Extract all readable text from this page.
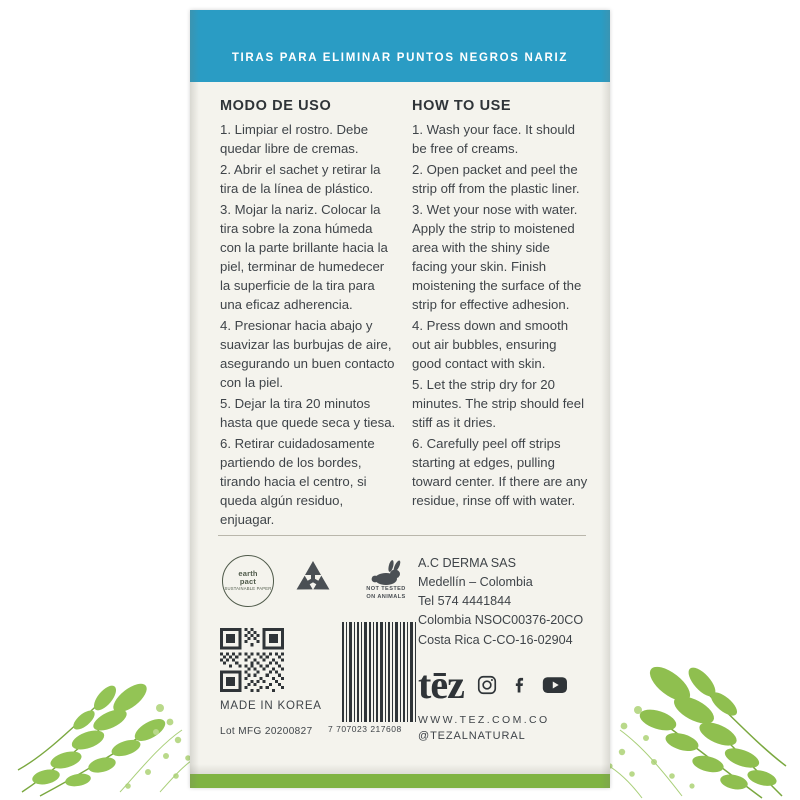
TIRAS PARA ELIMINAR PUNTOS NEGROS NARIZ
MODO DE USO

1. Limpiar el rostro. Debe quedar libre de cremas.

2. Abrir el sachet y retirar la tira de la línea de plástico.

3. Mojar la nariz. Colocar la tira sobre la zona húmeda con la parte brillante hacia la piel, terminar de humedecer la superficie de la tira para una eficaz adherencia.

4. Presionar hacia abajo y suavizar las burbujas de aire, asegurando un buen contacto con la piel.

5. Dejar la tira 20 minutos hasta que quede seca y tiesa.

6. Retirar cuidadosamente partiendo de los bordes, tirando hacia el centro, si queda algún residuo, enjuagar.

HOW TO USE

1. Wash your face. It should be free of creams.

2. Open packet and peel the strip off from the plastic liner.

3. Wet your nose with water. Apply the strip to moistened area with the shiny side facing your skin. Finish moistening the surface of the strip for effective adhesion.

4. Press down and smooth out air bubbles, ensuring good contact with skin.

5. Let the strip dry for 20 minutes. The strip should feel stiff as it dries.

6. Carefully peel off strips starting at edges, pulling toward center. If there are any residue, rinse off with water.

earth
pact
SUSTAINABLE PAPER	NOT TESTED
ON ANIMALS
A.C DERMA SAS
Medellín – Colombia
Tel 574 4441844
Colombia NSOC00376-20CO
Costa Rica C-CO-16-02904
7 707023 217608
MADE IN KOREA
Lot MFG 20200827
tēz
WWW.TEZ.COM.CO
@TEZALNATURAL
